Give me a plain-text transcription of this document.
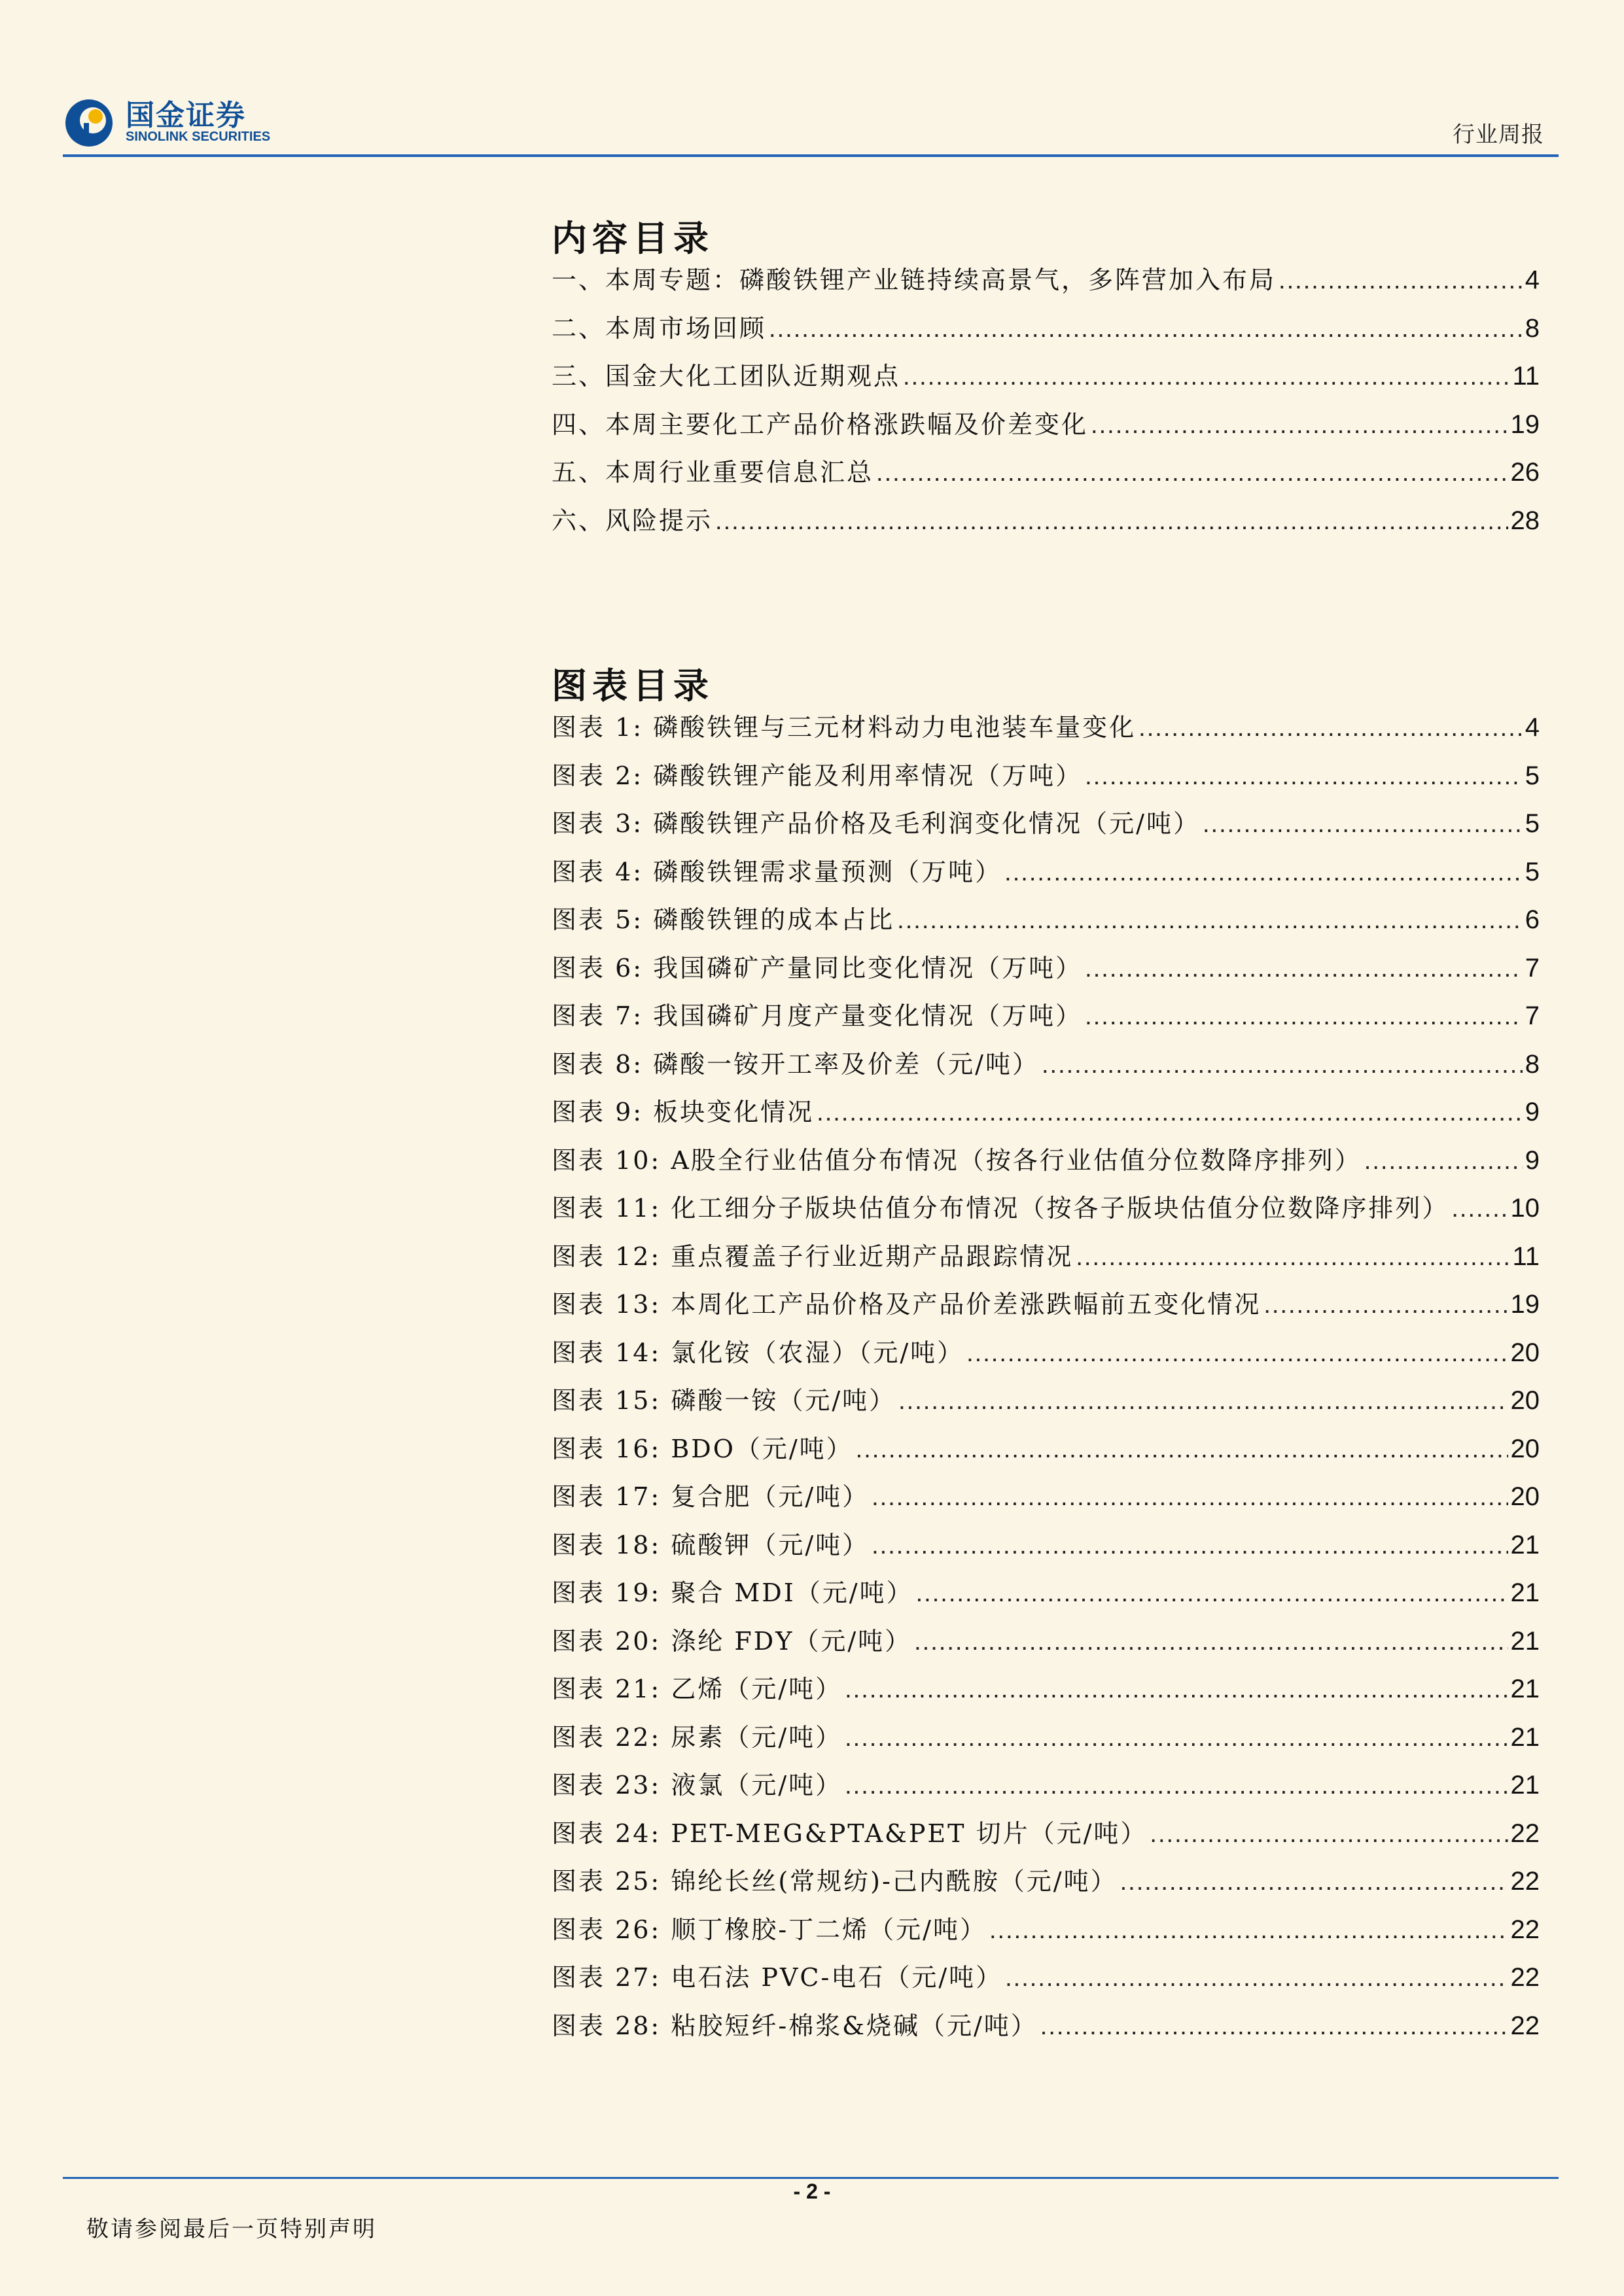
国金证券
SINOLINK SECURITIES	行业周报
内容目录
一、本周专题：磷酸铁锂产业链持续高景气，多阵营加入布局 .....	4
二、本周市场回顾 .....	8
三、国金大化工团队近期观点 .....	11
四、本周主要化工产品价格涨跌幅及价差变化 .....	19
五、本周行业重要信息汇总 .....	26
六、风险提示 .....	28
图表目录
图表 1: 磷酸铁锂与三元材料动力电池装车量变化 .....	4
图表 2: 磷酸铁锂产能及利用率情况（万吨） .....	5
图表 3: 磷酸铁锂产品价格及毛利润变化情况（元/吨） .....	5
图表 4: 磷酸铁锂需求量预测（万吨） .....	5
图表 5: 磷酸铁锂的成本占比 .....	6
图表 6: 我国磷矿产量同比变化情况（万吨） .....	7
图表 7: 我国磷矿月度产量变化情况（万吨） .....	7
图表 8: 磷酸一铵开工率及价差（元/吨） .....	8
图表 9: 板块变化情况 .....	9
图表 10: A股全行业估值分布情况（按各行业估值分位数降序排列） .....	9
图表 11: 化工细分子版块估值分布情况（按各子版块估值分位数降序排列） ..... 10
图表 12: 重点覆盖子行业近期产品跟踪情况 .....	11
图表 13: 本周化工产品价格及产品价差涨跌幅前五变化情况 .....	19
图表 14: 氯化铵（农湿）（元/吨） .....	20
图表 15: 磷酸一铵（元/吨） .....	20
图表 16: BDO（元/吨） .....	20
图表 17: 复合肥（元/吨） .....	20
图表 18: 硫酸钾（元/吨） .....	21
图表 19: 聚合 MDI（元/吨） .....	21
图表 20: 涤纶 FDY（元/吨） .....	21
图表 21: 乙烯（元/吨） .....	21
图表 22: 尿素（元/吨） .....	21
图表 23: 液氯（元/吨） .....	21
图表 24: PET-MEG&PTA&PET 切片（元/吨） .....	22
图表 25: 锦纶长丝(常规纺)-己内酰胺（元/吨） .....	22
图表 26: 顺丁橡胶-丁二烯（元/吨） .....	22
图表 27: 电石法 PVC-电石（元/吨） .....	22
图表 28: 粘胶短纤-棉浆&烧碱（元/吨） .....	22
- 2 -
敬请参阅最后一页特别声明
